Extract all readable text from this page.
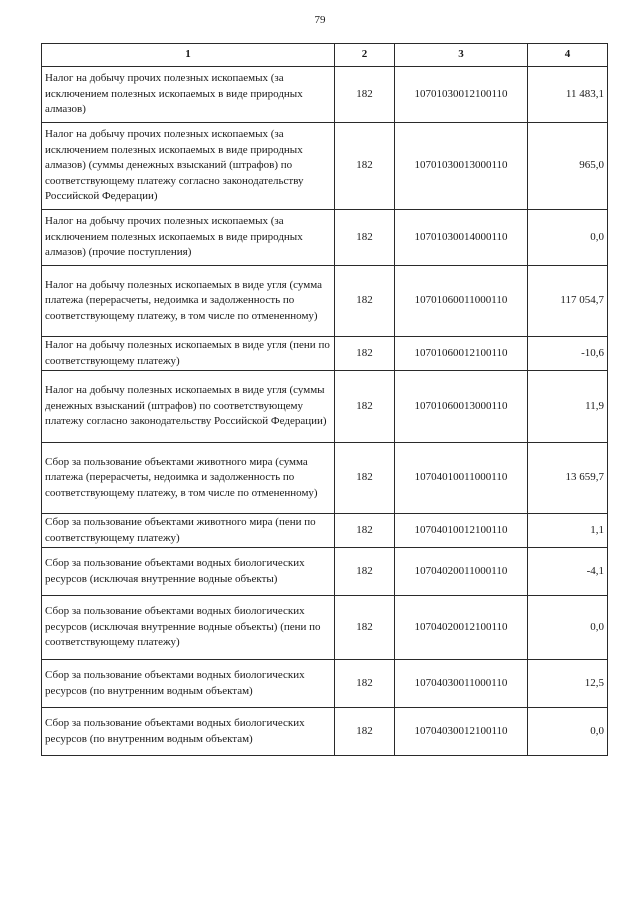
79
1	2	3	4
Налог на добычу прочих полезных ископаемых (за исключением полезных ископаемых в виде природных алмазов)	182	10701030012100110	11 483,1
Налог на добычу прочих полезных ископаемых (за исключением полезных ископаемых в виде природных алмазов) (суммы денежных взысканий (штрафов) по соответствующему платежу согласно законодательству Российской Федерации)	182	10701030013000110	965,0
Налог на добычу прочих полезных ископаемых (за исключением полезных ископаемых в виде природных алмазов) (прочие поступления)	182	10701030014000110	0,0
Налог на добычу полезных ископаемых в виде угля (сумма платежа (перерасчеты, недоимка и задолженность по соответствующему платежу, в том числе по отмененному)	182	10701060011000110	117 054,7
Налог на добычу полезных ископаемых в виде угля (пени по соответствующему платежу)	182	10701060012100110	-10,6
Налог на добычу полезных ископаемых в виде угля (суммы денежных взысканий (штрафов) по соответствующему платежу согласно законодательству Российской Федерации)	182	10701060013000110	11,9
Сбор за пользование объектами животного мира (сумма платежа (перерасчеты, недоимка и задолженность по соответствующему платежу, в том числе по отмененному)	182	10704010011000110	13 659,7
Сбор за пользование объектами животного мира (пени по соответствующему платежу)	182	10704010012100110	1,1
Сбор за пользование объектами водных биологических ресурсов (исключая внутренние водные объекты)	182	10704020011000110	-4,1
Сбор за пользование объектами водных биологических ресурсов (исключая внутренние водные объекты) (пени по соответствующему платежу)	182	10704020012100110	0,0
Сбор за пользование объектами водных биологических ресурсов (по внутренним водным объектам)	182	10704030011000110	12,5
Сбор за пользование объектами водных биологических ресурсов (по внутренним водным объектам)	182	10704030012100110	0,0
